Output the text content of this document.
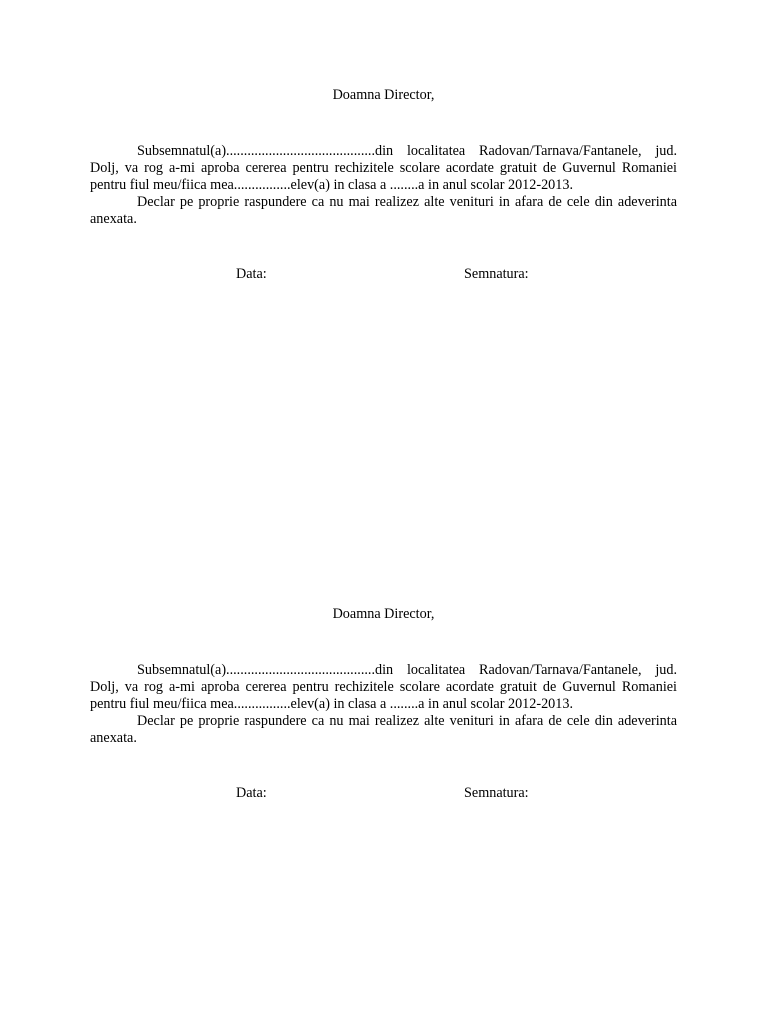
Doamna Director,

Subsemnatul(a)..........................................din localitatea Radovan/Tarnava/Fantanele, jud. Dolj, va rog a-mi aproba cererea pentru rechizitele scolare acordate gratuit de Guvernul Romaniei pentru fiul meu/fiica mea................elev(a) in clasa a ........a in anul scolar 2012-2013.

Declar pe proprie raspundere ca nu mai realizez alte venituri in afara de cele din adeverinta anexata.

Data:	Semnatura:

Doamna Director,

Subsemnatul(a)..........................................din localitatea Radovan/Tarnava/Fantanele, jud. Dolj, va rog a-mi aproba cererea pentru rechizitele scolare acordate gratuit de Guvernul Romaniei pentru fiul meu/fiica mea................elev(a) in clasa a ........a in anul scolar 2012-2013.

Declar pe proprie raspundere ca nu mai realizez alte venituri in afara de cele din adeverinta anexata.

Data:	Semnatura:
